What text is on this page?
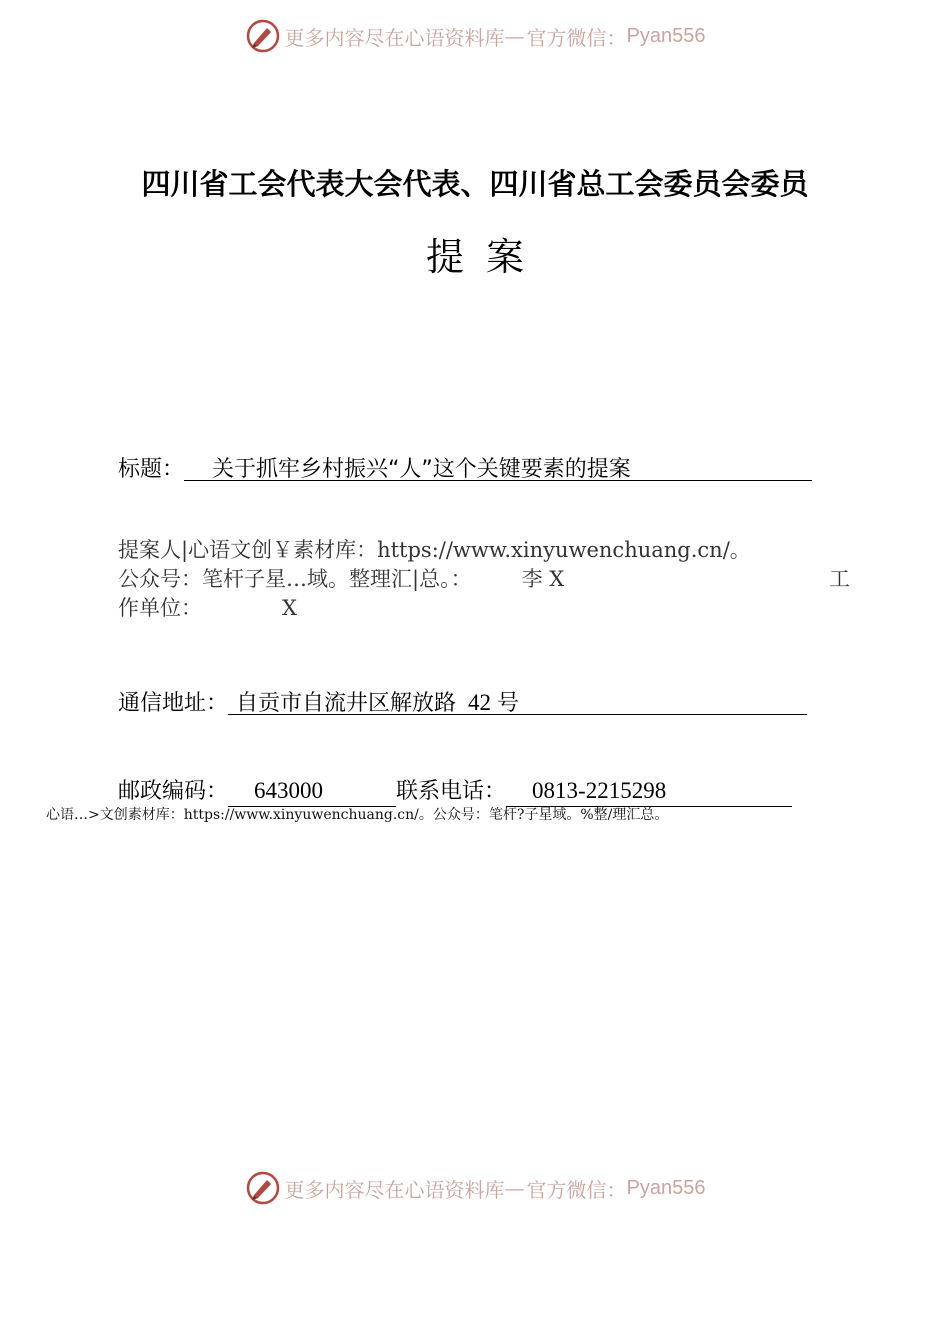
更多内容尽在心语资料库 — 官方微信： Pyan556
四川省工会代表大会代表、四川省总工会委员会委员
提案
标题：	关于抓牢乡村振兴“人”这个关键要素的提案
提案人|心语文创￥素材库：https://www.xinyuwenchuang.cn/。
公众号：笔杆子星…域。整理汇|总。： 李 X	工
作单位：	X
通信地址： 自贡市自流井区解放路 42 号
邮政编码：	643000	联系电话：	0813-2215298
心语…>文创素材库：https://www.xinyuwenchuang.cn/。公众号：笔杆?子星域。%整/理汇总。
更多内容尽在心语资料库 — 官方微信： Pyan556
